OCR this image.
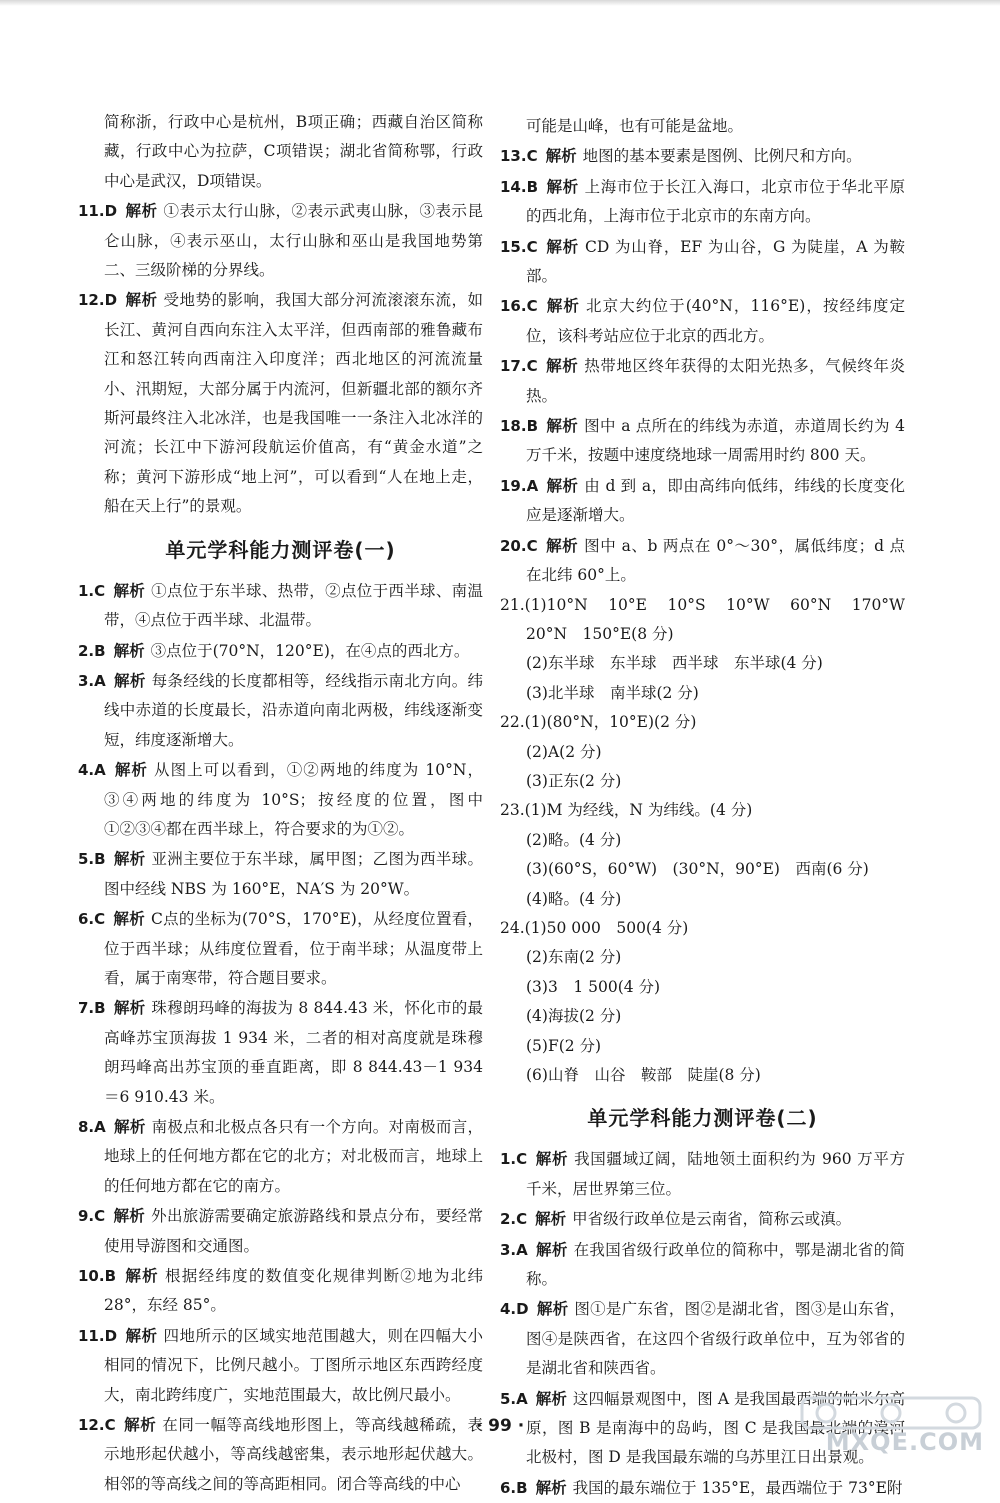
简称浙，行政中心是杭州，B项正确；西藏自治区简称藏，行政中心为拉萨，C项错误；湖北省简称鄂，行政中心是武汉，D项错误。

11.D 解析 ①表示太行山脉，②表示武夷山脉，③表示昆仑山脉，④表示巫山，太行山脉和巫山是我国地势第二、三级阶梯的分界线。

12.D 解析 受地势的影响，我国大部分河流滚滚东流，如长江、黄河自西向东注入太平洋，但西南部的雅鲁藏布江和怒江转向西南注入印度洋；西北地区的河流流量小、汛期短，大部分属于内流河，但新疆北部的额尔齐斯河最终注入北冰洋，也是我国唯一一条注入北冰洋的河流；长江中下游河段航运价值高，有“黄金水道”之称；黄河下游形成“地上河”，可以看到“人在地上走，船在天上行”的景观。

单元学科能力测评卷(一)

1.C 解析 ①点位于东半球、热带，②点位于西半球、南温带，④点位于西半球、北温带。

2.B 解析 ③点位于(70°N，120°E)，在④点的西北方。

3.A 解析 每条经线的长度都相等，经线指示南北方向。纬线中赤道的长度最长，沿赤道向南北两极，纬线逐渐变短，纬度逐渐增大。

4.A 解析 从图上可以看到，①②两地的纬度为 10°N，③④两地的纬度为 10°S；按经度的位置，图中①②③④都在西半球上，符合要求的为①②。

5.B 解析 亚洲主要位于东半球，属甲图；乙图为西半球。图中经线 NBS 为 160°E，NA′S 为 20°W。

6.C 解析 C点的坐标为(70°S，170°E)，从经度位置看，位于西半球；从纬度位置看，位于南半球；从温度带上看，属于南寒带，符合题目要求。

7.B 解析 珠穆朗玛峰的海拔为 8 844.43 米，怀化市的最高峰苏宝顶海拔 1 934 米，二者的相对高度就是珠穆朗玛峰高出苏宝顶的垂直距离，即 8 844.43－1 934＝6 910.43 米。

8.A 解析 南极点和北极点各只有一个方向。对南极而言，地球上的任何地方都在它的北方；对北极而言，地球上的任何地方都在它的南方。

9.C 解析 外出旅游需要确定旅游路线和景点分布，要经常使用导游图和交通图。

10.B 解析 根据经纬度的数值变化规律判断②地为北纬 28°，东经 85°。

11.D 解析 四地所示的区域实地范围越大，则在四幅大小相同的情况下，比例尺越小。丁图所示地区东西跨经度大，南北跨纬度广，实地范围最大，故比例尺最小。

12.C 解析 在同一幅等高线地形图上，等高线越稀疏，表示地形起伏越小，等高线越密集，表示地形起伏越大。相邻的等高线之间的等高距相同。闭合等高线的中心

可能是山峰，也有可能是盆地。

13.C 解析 地图的基本要素是图例、比例尺和方向。

14.B 解析 上海市位于长江入海口，北京市位于华北平原的西北角，上海市位于北京市的东南方向。

15.C 解析 CD 为山脊，EF 为山谷，G 为陡崖，A 为鞍部。

16.C 解析 北京大约位于(40°N，116°E)，按经纬度定位，该科考站应位于北京的西北方。

17.C 解析 热带地区终年获得的太阳光热多，气候终年炎热。

18.B 解析 图中 a 点所在的纬线为赤道，赤道周长约为 4 万千米，按题中速度绕地球一周需用时约 800 天。

19.A 解析 由 d 到 a，即由高纬向低纬，纬线的长度变化应是逐渐增大。

20.C 解析 图中 a、b 两点在 0°～30°，属低纬度；d 点在北纬 60°上。

21.(1)10°N　10°E　10°S　10°W　60°N　170°W　20°N　150°E(8 分)

(2)东半球　东半球　西半球　东半球(4 分)

(3)北半球　南半球(2 分)

22.(1)(80°N，10°E)(2 分)

(2)A(2 分)

(3)正东(2 分)

23.(1)M 为经线，N 为纬线。(4 分)

(2)略。(4 分)

(3)(60°S，60°W)　(30°N，90°E)　西南(6 分)

(4)略。(4 分)

24.(1)50 000　500(4 分)

(2)东南(2 分)

(3)3　1 500(4 分)

(4)海拔(2 分)

(5)F(2 分)

(6)山脊　山谷　鞍部　陡崖(8 分)

单元学科能力测评卷(二)

1.C 解析 我国疆域辽阔，陆地领土面积约为 960 万平方千米，居世界第三位。

2.C 解析 甲省级行政单位是云南省，简称云或滇。

3.A 解析 在我国省级行政单位的简称中，鄂是湖北省的简称。

4.D 解析 图①是广东省，图②是湖北省，图③是山东省，图④是陕西省，在这四个省级行政单位中，互为邻省的是湖北省和陕西省。

5.A 解析 这四幅景观图中，图 A 是我国最西端的帕米尔高原，图 B 是南海中的岛屿，图 C 是我国最北端的漠河北极村，图 D 是我国最东端的乌苏里江日出景观。

6.B 解析 我国的最东端位于 135°E，最西端位于 73°E附

· 99 ·
MXQE.COM
